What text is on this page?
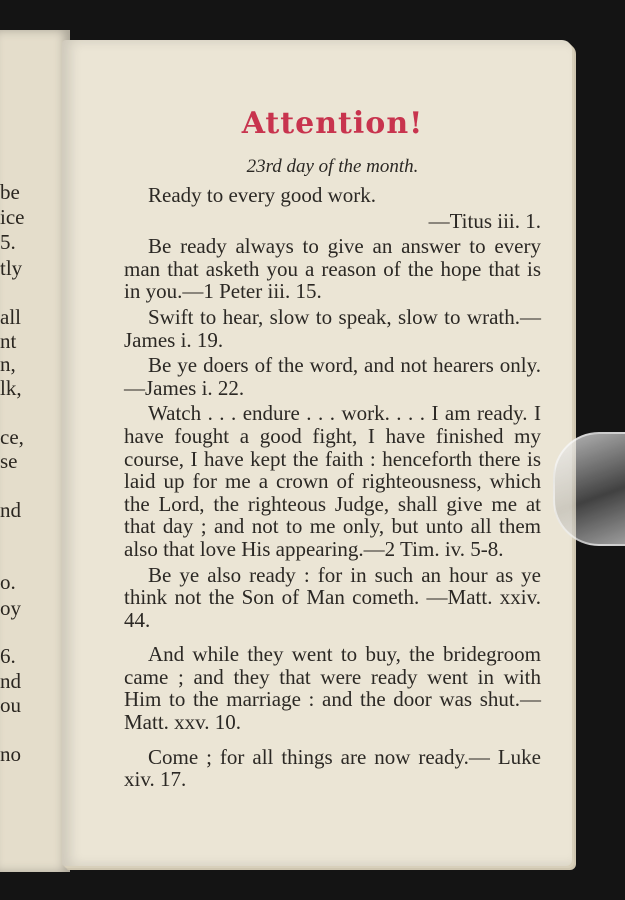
be
ice
5.
tly
all
nt
n,
lk,
ce,
se
nd
o.
oy
6.
nd
ou
no
Attention!
23rd day of the month.

Ready to every good work.

—Titus iii. 1.

Be ready always to give an answer to every man that asketh you a reason of the hope that is in you.—1 Peter iii. 15.

Swift to hear, slow to speak, slow to wrath.—James i. 19.

Be ye doers of the word, and not hearers only.—James i. 22.

Watch . . . endure . . . work. . . . I am ready. I have fought a good fight, I have finished my course, I have kept the faith : henceforth there is laid up for me a crown of righteousness, which the Lord, the righteous Judge, shall give me at that day ; and not to me only, but unto all them also that love His appearing.—2 Tim. iv. 5-8.

Be ye also ready : for in such an hour as ye think not the Son of Man cometh. —Matt. xxiv. 44.

And while they went to buy, the bridegroom came ; and they that were ready went in with Him to the marriage : and the door was shut.—Matt. xxv. 10.

Come ; for all things are now ready.— Luke xiv. 17.
